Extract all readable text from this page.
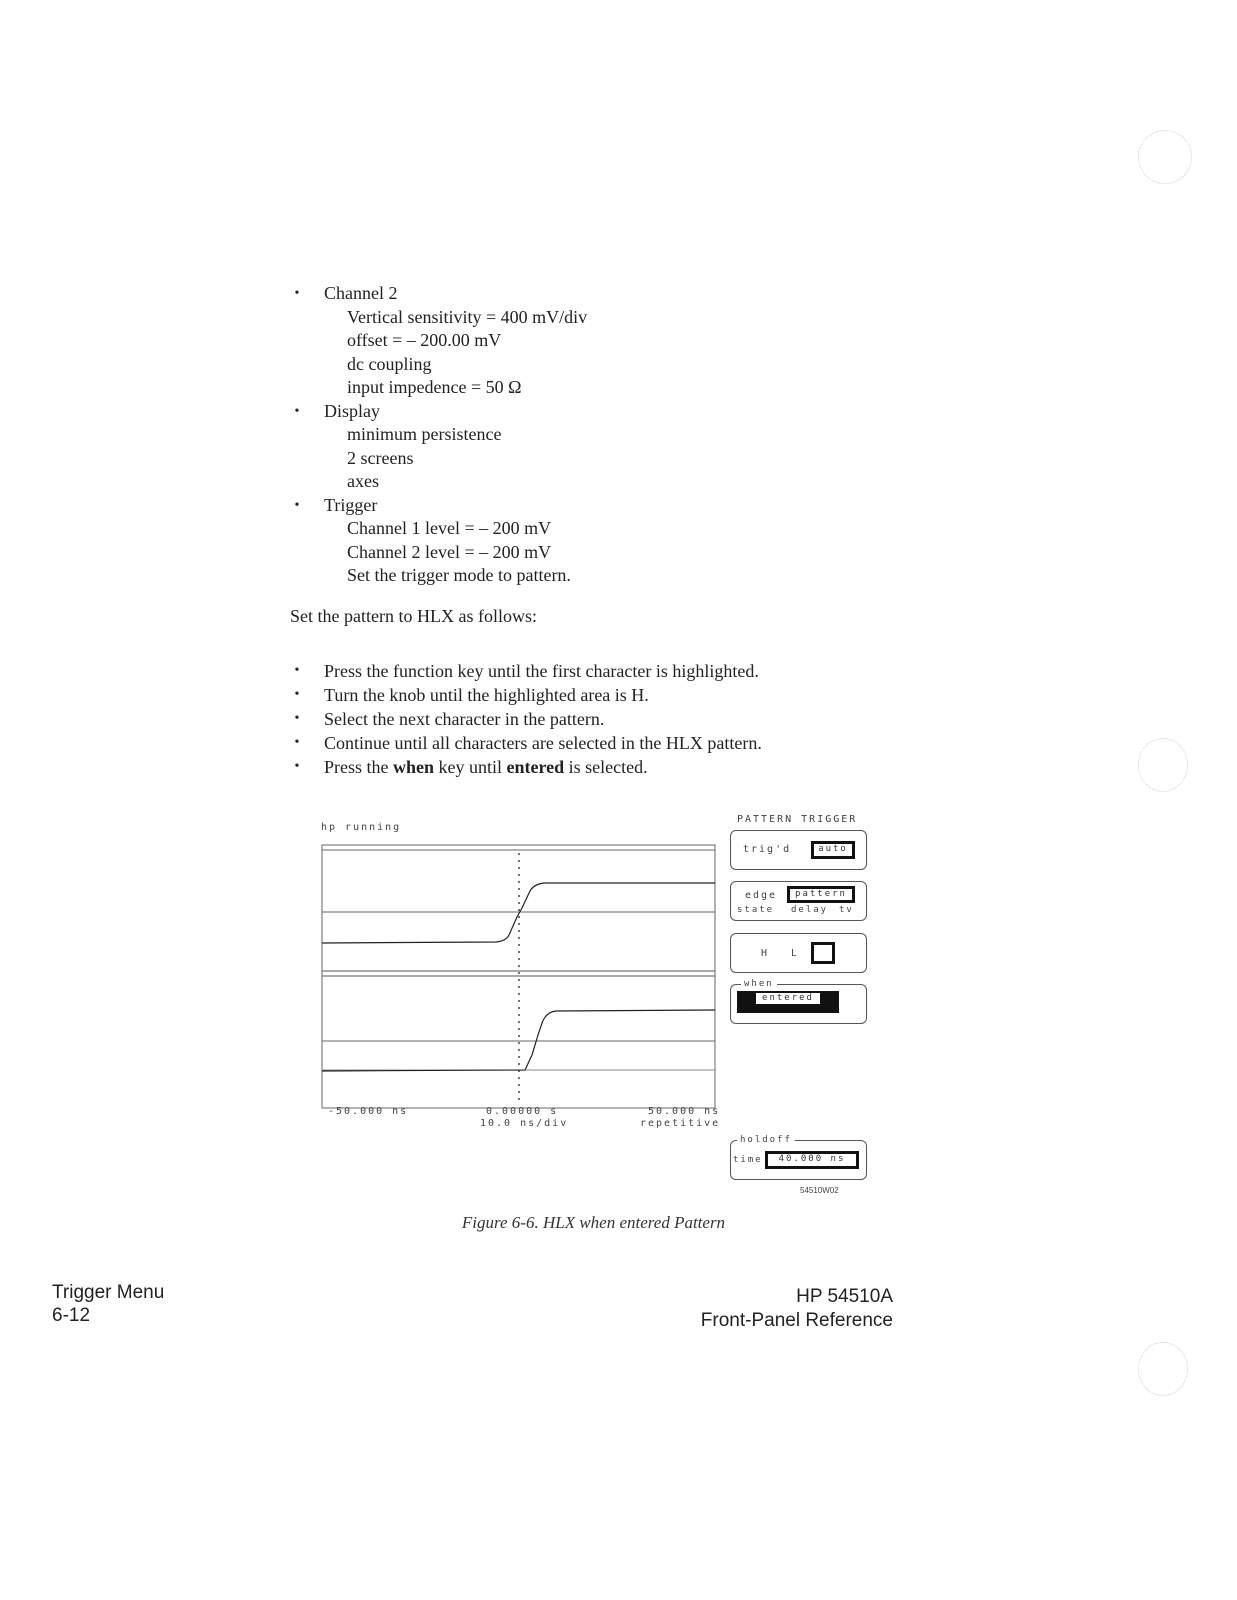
• Channel 2
Vertical sensitivity = 400 mV/div
offset = – 200.00 mV
dc coupling
input impedence = 50 Ω
• Display
minimum persistence
2 screens
axes
• Trigger
Channel 1 level = – 200 mV
Channel 2 level = – 200 mV
Set the trigger mode to pattern.
Set the pattern to HLX as follows:
• Press the function key until the first character is highlighted.
• Turn the knob until the highlighted area is H.
• Select the next character in the pattern.
• Continue until all characters are selected in the HLX pattern.
• Press the when key until entered is selected.
hp running
PATTERN TRIGGER
-50.000 ns	0.00000 s
10.0 ns/div
50.000 ns
repetitive
trig'd	auto
edge	pattern
state delay tv
H L	X
when
entered
holdoff
time	40.000 ns
54510W02
Figure 6-6. HLX when entered Pattern
Trigger Menu
6-12
HP 54510A
Front-Panel Reference
